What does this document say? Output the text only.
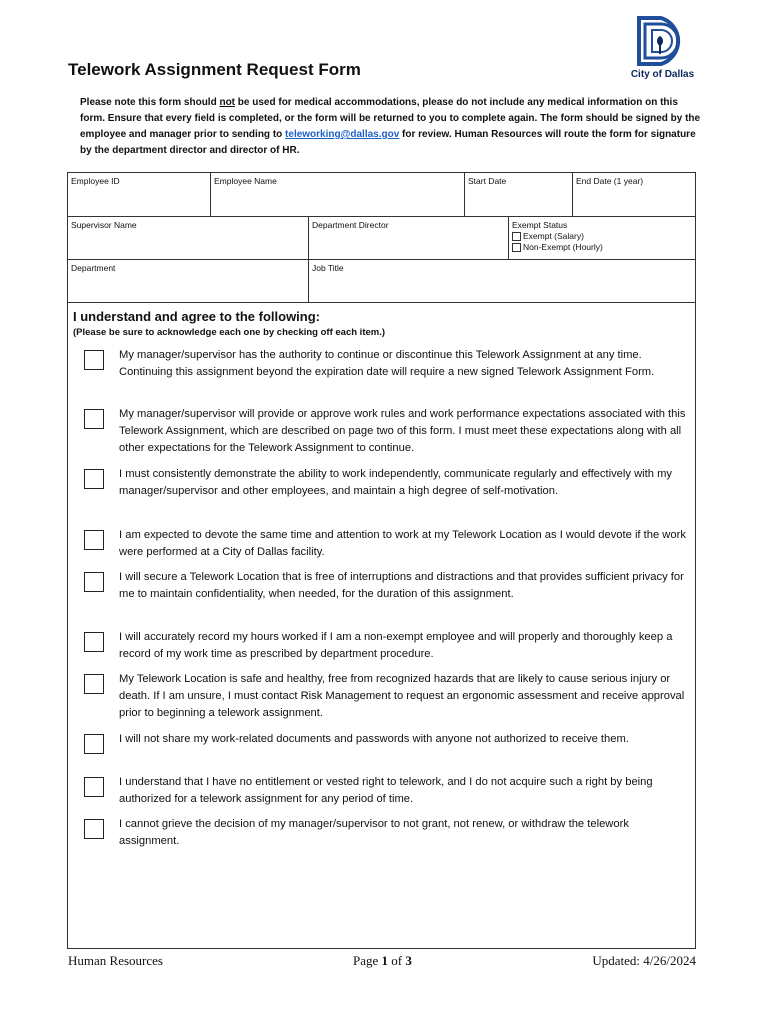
Telework Assignment Request Form	City of Dallas
Please note this form should not be used for medical accommodations, please do not include any medical information on this form. Ensure that every field is completed, or the form will be returned to you to complete again. The form should be signed by the employee and manager prior to sending to teleworking@dallas.gov for review. Human Resources will route the form for signature by the department director and director of HR.
Employee ID	Employee Name	Start Date	End Date (1 year)
Supervisor Name	Department Director	Exempt Status
Exempt (Salary)
Non-Exempt (Hourly)
Department	Job Title
I understand and agree to the following:
(Please be sure to acknowledge each one by checking off each item.)
My manager/supervisor has the authority to continue or discontinue this Telework Assignment at any time. Continuing this assignment beyond the expiration date will require a new signed Telework Assignment Form.
My manager/supervisor will provide or approve work rules and work performance expectations associated with this Telework Assignment, which are described on page two of this form. I must meet these expectations along with all other expectations for the Telework Assignment to continue.
I must consistently demonstrate the ability to work independently, communicate regularly and effectively with my manager/supervisor and other employees, and maintain a high degree of self-motivation.
I am expected to devote the same time and attention to work at my Telework Location as I would devote if the work were performed at a City of Dallas facility.
I will secure a Telework Location that is free of interruptions and distractions and that provides sufficient privacy for me to maintain confidentiality, when needed, for the duration of this assignment.
I will accurately record my hours worked if I am a non-exempt employee and will properly and thoroughly keep a record of my work time as prescribed by department procedure.
My Telework Location is safe and healthy, free from recognized hazards that are likely to cause serious injury or death. If I am unsure, I must contact Risk Management to request an ergonomic assessment and receive approval prior to beginning a telework assignment.
I will not share my work-related documents and passwords with anyone not authorized to receive them.
I understand that I have no entitlement or vested right to telework, and I do not acquire such a right by being authorized for a telework assignment for any period of time.
I cannot grieve the decision of my manager/supervisor to not grant, not renew, or withdraw the telework assignment.
Human Resources	Page 1 of 3	Updated: 4/26/2024
